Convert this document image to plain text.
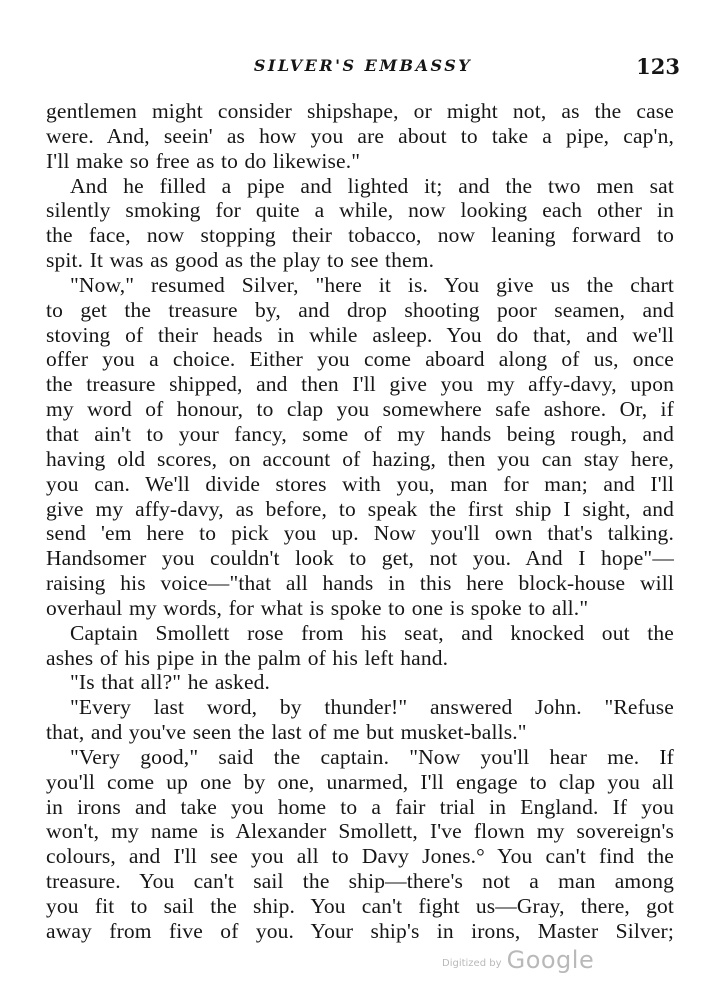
SILVER'S EMBASSY	123
gentlemen might consider shipshape, or might not, as the case
were. And, seein' as how you are about to take a pipe, cap'n,
I'll make so free as to do likewise."
And he filled a pipe and lighted it; and the two men sat
silently smoking for quite a while, now looking each other in
the face, now stopping their tobacco, now leaning forward to
spit. It was as good as the play to see them.
"Now," resumed Silver, "here it is. You give us the chart
to get the treasure by, and drop shooting poor seamen, and
stoving of their heads in while asleep. You do that, and we'll
offer you a choice. Either you come aboard along of us, once
the treasure shipped, and then I'll give you my affy-davy, upon
my word of honour, to clap you somewhere safe ashore. Or, if
that ain't to your fancy, some of my hands being rough, and
having old scores, on account of hazing, then you can stay here,
you can. We'll divide stores with you, man for man; and I'll
give my affy-davy, as before, to speak the first ship I sight, and
send 'em here to pick you up. Now you'll own that's talking.
Handsomer you couldn't look to get, not you. And I hope"—
raising his voice—"that all hands in this here block-house will
overhaul my words, for what is spoke to one is spoke to all."
Captain Smollett rose from his seat, and knocked out the
ashes of his pipe in the palm of his left hand.
"Is that all?" he asked.
"Every last word, by thunder!" answered John. "Refuse
that, and you've seen the last of me but musket-balls."
"Very good," said the captain. "Now you'll hear me. If
you'll come up one by one, unarmed, I'll engage to clap you all
in irons and take you home to a fair trial in England. If you
won't, my name is Alexander Smollett, I've flown my sovereign's
colours, and I'll see you all to Davy Jones.° You can't find the
treasure. You can't sail the ship—there's not a man among
you fit to sail the ship. You can't fight us—Gray, there, got
away from five of you. Your ship's in irons, Master Silver;
Digitized by Google
